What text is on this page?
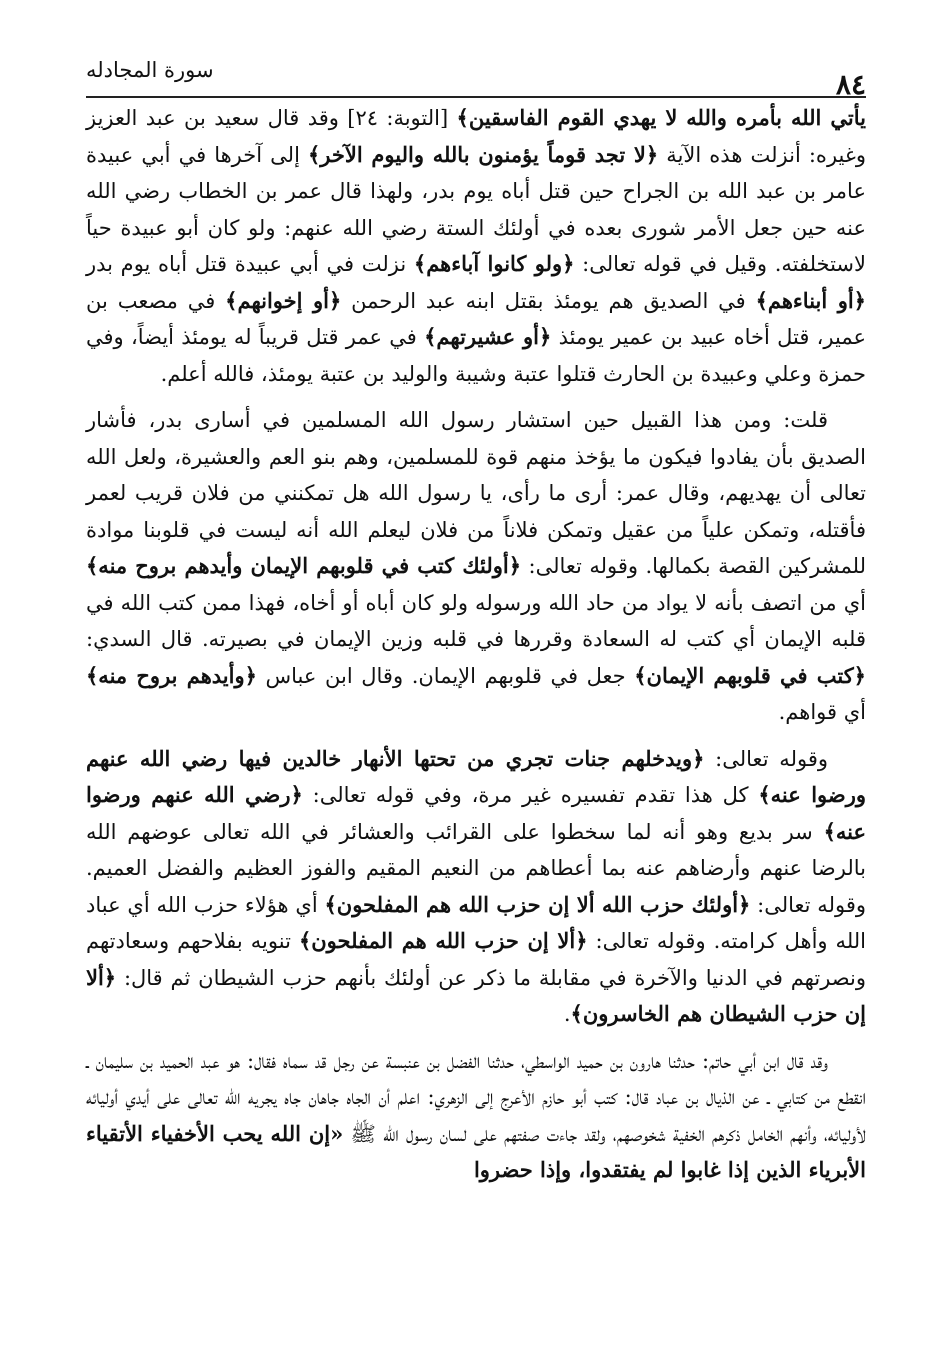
سورة المجادله	٨٤

يأتي الله بأمره والله لا يهدي القوم الفاسقين﴾ [التوبة: ٢٤] وقد قال سعيد بن عبد العزيز وغيره: أنزلت هذه الآية ﴿لا تجد قوماً يؤمنون بالله واليوم الآخر﴾ إلى آخرها في أبي عبيدة عامر بن عبد الله بن الجراح حين قتل أباه يوم بدر، ولهذا قال عمر بن الخطاب رضي الله عنه حين جعل الأمر شورى بعده في أولئك الستة رضي الله عنهم: ولو كان أبو عبيدة حياً لاستخلفته. وقيل في قوله تعالى: ﴿ولو كانوا آباءهم﴾ نزلت في أبي عبيدة قتل أباه يوم بدر ﴿أو أبناءهم﴾ في الصديق هم يومئذ بقتل ابنه عبد الرحمن ﴿أو إخوانهم﴾ في مصعب بن عمير، قتل أخاه عبيد بن عمير يومئذ ﴿أو عشيرتهم﴾ في عمر قتل قريباً له يومئذ أيضاً، وفي حمزة وعلي وعبيدة بن الحارث قتلوا عتبة وشيبة والوليد بن عتبة يومئذ، فالله أعلم.

قلت: ومن هذا القبيل حين استشار رسول الله المسلمين في أسارى بدر، فأشار الصديق بأن يفادوا فيكون ما يؤخذ منهم قوة للمسلمين، وهم بنو العم والعشيرة، ولعل الله تعالى أن يهديهم، وقال عمر: أرى ما رأى، يا رسول الله هل تمكنني من فلان قريب لعمر فأقتله، وتمكن علياً من عقيل وتمكن فلاناً من فلان ليعلم الله أنه ليست في قلوبنا موادة للمشركين القصة بكمالها. وقوله تعالى: ﴿أولئك كتب في قلوبهم الإيمان وأيدهم بروح منه﴾ أي من اتصف بأنه لا يواد من حاد الله ورسوله ولو كان أباه أو أخاه، فهذا ممن كتب الله في قلبه الإيمان أي كتب له السعادة وقررها في قلبه وزين الإيمان في بصيرته. قال السدي: ﴿كتب في قلوبهم الإيمان﴾ جعل في قلوبهم الإيمان. وقال ابن عباس ﴿وأيدهم بروح منه﴾ أي قواهم.

وقوله تعالى: ﴿ويدخلهم جنات تجري من تحتها الأنهار خالدين فيها رضي الله عنهم ورضوا عنه﴾ كل هذا تقدم تفسيره غير مرة، وفي قوله تعالى: ﴿رضي الله عنهم ورضوا عنه﴾ سر بديع وهو أنه لما سخطوا على القرائب والعشائر في الله تعالى عوضهم الله بالرضا عنهم وأرضاهم عنه بما أعطاهم من النعيم المقيم والفوز العظيم والفضل العميم. وقوله تعالى: ﴿أولئك حزب الله ألا إن حزب الله هم المفلحون﴾ أي هؤلاء حزب الله أي عباد الله وأهل كرامته. وقوله تعالى: ﴿ألا إن حزب الله هم المفلحون﴾ تنويه بفلاحهم وسعادتهم ونصرتهم في الدنيا والآخرة في مقابلة ما ذكر عن أولئك بأنهم حزب الشيطان ثم قال: ﴿ألا إن حزب الشيطان هم الخاسرون﴾.

وقد قال ابن أبي حاتم: حدثنا هارون بن حميد الواسطي، حدثنا الفضل بن عنبسة عن رجل قد سماه فقال: هو عبد الحميد بن سليمان ـ انقطع من كتابي ـ عن الذيال بن عباد قال: كتب أبو حازم الأعرج إلى الزهري: اعلم أن الجاه جاهان جاه يجريه الله تعالى على أيدي أوليائه لأوليائه، وأنهم الخامل ذكرهم الخفية شخوصهم، ولقد جاءت صفتهم على لسان رسول الله ﷺ «إن الله يحب الأخفياء الأتقياء الأبرياء الذين إذا غابوا لم يفتقدوا، وإذا حضروا
